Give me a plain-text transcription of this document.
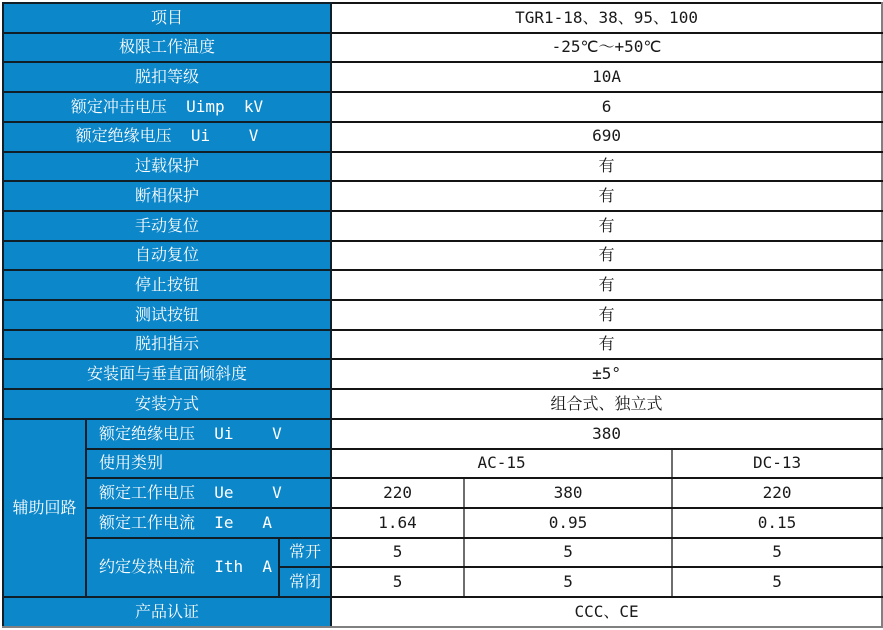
项目			TGR1-18、38、95、100		
极限工作温度			-25℃～+50℃		
脱扣等级			10A		
额定冲击电压  Uimp  kV			6		
额定绝缘电压  Ui    V			690		
过载保护			有		
断相保护			有		
手动复位			有		
自动复位			有		
停止按钮			有		
测试按钮			有		
脱扣指示			有		
安装面与垂直面倾斜度			±5°		
安装方式			组合式、独立式		
辅助回路	额定绝缘电压  Ui    V		380		
	使用类别		AC-15		DC-13
	额定工作电压  Ue    V		220	380	220
	额定工作电流  Ie   A		1.64	0.95	0.15
	约定发热电流  Ith  A	常开	5	5	5
		常闭	5	5	5
产品认证			CCC、CE		
